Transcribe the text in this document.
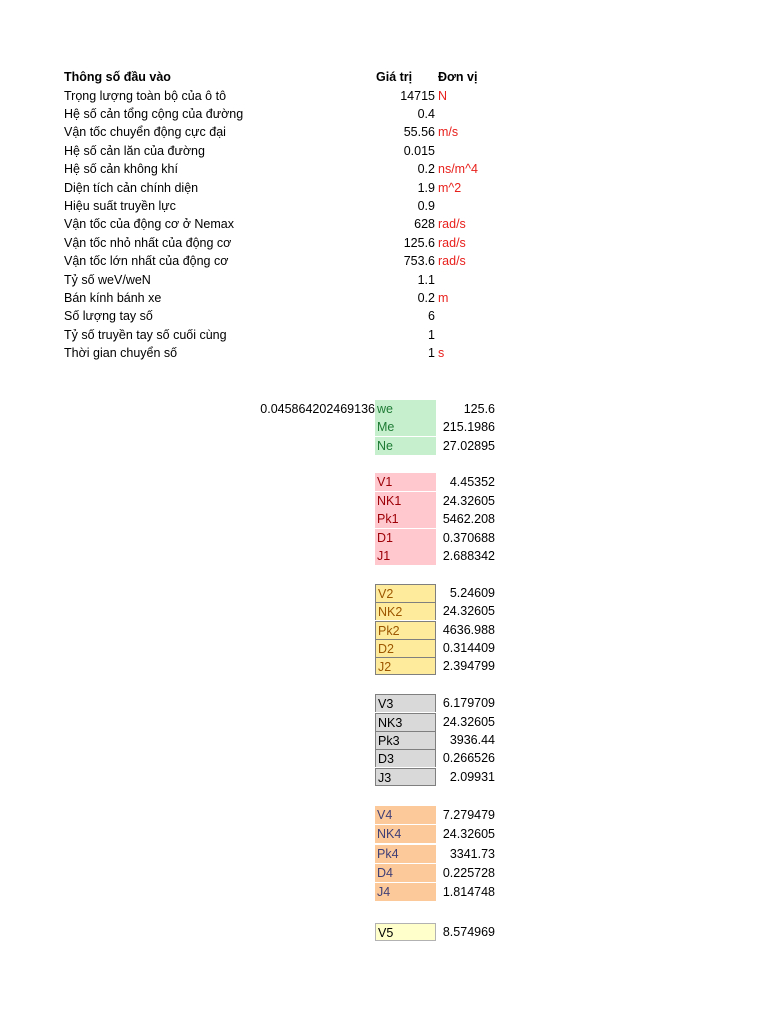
Thông số đầu vào	Giá trị Đơn vị
Trọng lượng toàn bộ của ô tô	14715 N
Hệ số cản tổng cộng của đường	0.4
Vận tốc chuyển động cực đại	55.56 m/s
Hệ số cản lăn của đường	0.015
Hệ số cản không khí	0.2 ns/m^4
Diện tích cản chính diện	1.9 m^2
Hiệu suất truyền lực	0.9
Vận tốc của động cơ ở Nemax	628 rad/s
Vận tốc nhỏ nhất của động cơ	125.6 rad/s
Vận tốc lớn nhất của động cơ	753.6 rad/s
Tỷ số weV/weN	1.1
Bán kính bánh xe	0.2 m
Số lượng tay số	6
Tỷ số truyền tay số cuối cùng	1
Thời gian chuyển số	1 s
0.045864202469136 we	125.6
Me	215.1986
Ne	27.02895
V1	4.45352
NK1	24.32605
Pk1	5462.208
D1	0.370688
J1	2.688342
V2	5.24609
NK2	24.32605
Pk2	4636.988
D2	0.314409
J2	2.394799
V3	6.179709
NK3	24.32605
Pk3	3936.44
D3	0.266526
J3	2.09931
V4	7.279479
NK4	24.32605
Pk4	3341.73
D4	0.225728
J4	1.814748
V5	8.574969
